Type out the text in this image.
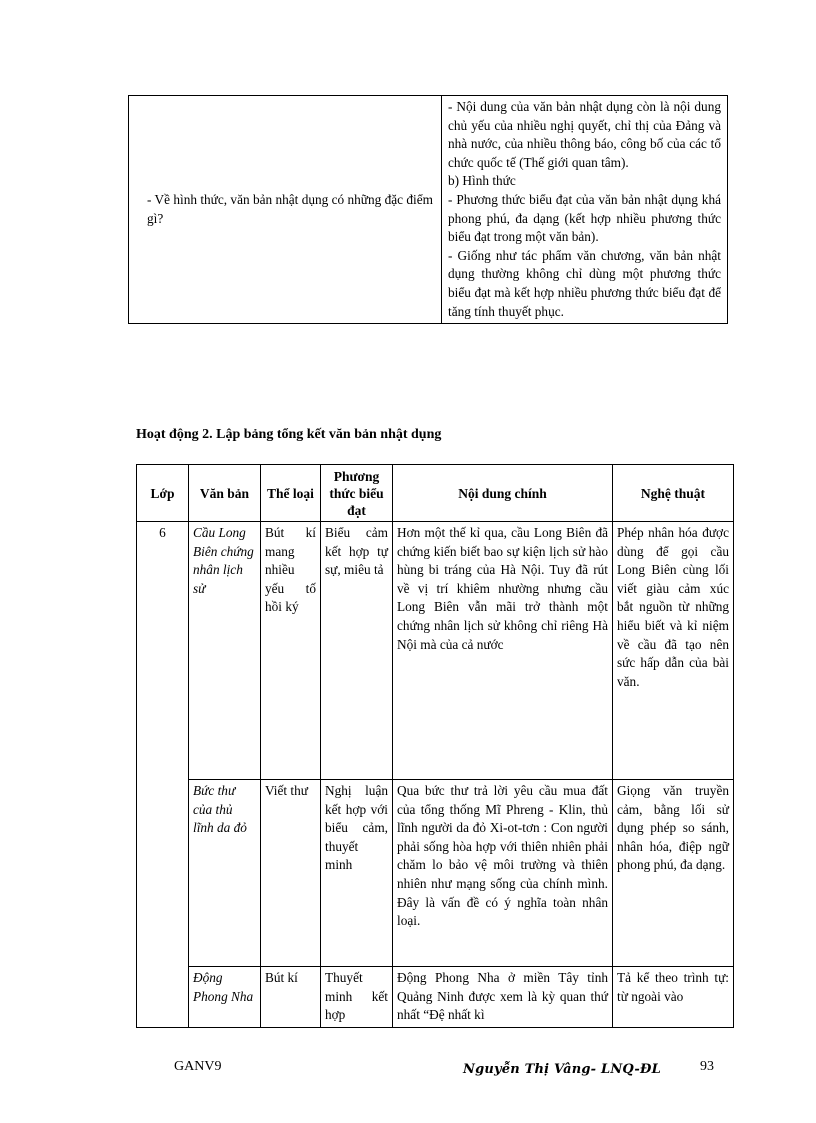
- Về hình thức, văn bản nhật dụng có những đặc điểm gì?	
- Nội dung của văn bản nhật dụng còn là nội dung chủ yếu của nhiều nghị quyết, chỉ thị của Đảng và nhà nước, của nhiều thông báo, công bố của các tổ chức quốc tế (Thế giới quan tâm).
b) Hình thức
- Phương thức biểu đạt của văn bản nhật dụng khá phong phú, đa dạng (kết hợp nhiều phương thức biểu đạt trong một văn bản).
- Giống như tác phẩm văn chương, văn bản nhật dụng thường không chỉ dùng một phương thức biểu đạt mà kết hợp nhiều phương thức biểu đạt để tăng tính thuyết phục.
Hoạt động 2. Lập bảng tổng kết văn bản nhật dụng
Lớp	Văn bản	Thể loại	Phương thức biểu đạt	Nội dung chính	Nghệ thuật
6	Cầu Long Biên chứng nhân lịch sử	Bút kí mang nhiều yếu tố hồi ký	Biểu cảm kết hợp tự sự, miêu tả	Hơn một thế kỉ qua, cầu Long Biên đã chứng kiến biết bao sự kiện lịch sử hào hùng bi tráng của Hà Nội. Tuy đã rút về vị trí khiêm nhường nhưng cầu Long Biên vẫn mãi trở thành một chứng nhân lịch sử không chỉ riêng Hà Nội mà của cả nước	Phép nhân hóa được dùng để gọi cầu Long Biên cùng lối viết giàu cảm xúc bắt nguồn từ những hiểu biết và kỉ niệm về cầu đã tạo nên sức hấp dẫn của bài văn.
	Bức thư của thủ lĩnh da đỏ	Viết thư	Nghị luận kết hợp với biểu cảm, thuyết minh	Qua bức thư trả lời yêu cầu mua đất của tổng thống Mĩ Phreng - Klin, thủ lĩnh người da đỏ Xi-ot-tơn : Con người phải sống hòa hợp với thiên nhiên phải chăm lo bảo vệ môi trường và thiên nhiên như mạng sống của chính mình. Đây là vấn đề có ý nghĩa toàn nhân loại.	Giọng văn truyền cảm, bằng lối sử dụng phép so sánh, nhân hóa, điệp ngữ phong phú, đa dạng.
	Động Phong Nha	Bút kí	Thuyết minh kết hợp	Động Phong Nha ở miền Tây tỉnh Quảng Ninh được xem là kỳ quan thứ nhất “Đệ nhất kì	Tả kể theo trình tự: từ ngoài vào
GANV9	Nguyễn Thị Vâng- LNQ-ĐL	93
